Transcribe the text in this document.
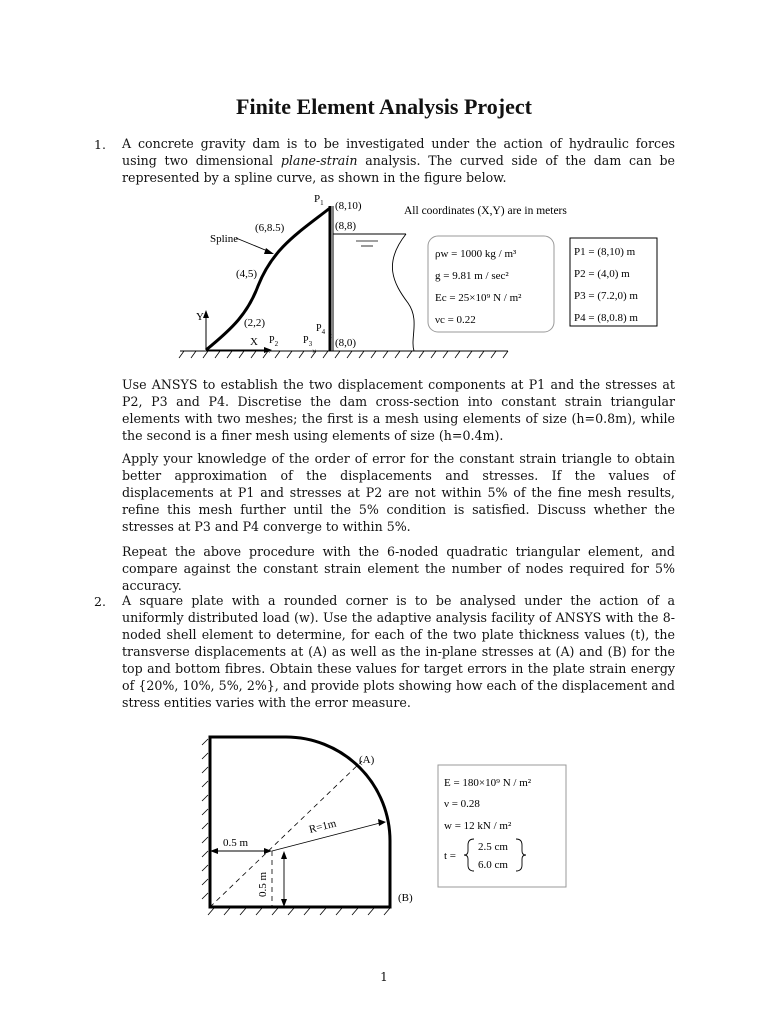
Finite Element Analysis Project
1. A concrete gravity dam is to be investigated under the action of hydraulic forces using two dimensional plane-strain analysis. The curved side of the dam can be represented by a spline curve, as shown in the figure below.

Y
X
×	×
×
Spline
$P_1$ (8,10)
(8,8)
(6,8.5)
(4,5)
(2,2)
$P_2$ $P_3$
$P_4$
(8,0)
All coordinates (X,Y) are in meters
ρw = 1000 kg / m³
g = 9.81 m / sec²
Ec = 25×10⁹ N / m²
νc = 0.22
P1 = (8,10) m
P2 = (4,0) m
P3 = (7.2,0) m
P4 = (8,0.8) m

Use ANSYS to establish the two displacement components at P1 and the stresses at P2, P3 and P4. Discretise the dam cross-section into constant strain triangular elements with two meshes; the first is a mesh using elements of size (h=0.8m), while the second is a finer mesh using elements of size (h=0.4m).

Apply your knowledge of the order of error for the constant strain triangle to obtain better approximation of the displacements and stresses. If the values of displacements at P1 and stresses at P2 are not within 5% of the fine mesh results, refine this mesh further until the 5% condition is satisfied. Discuss whether the stresses at P3 and P4 converge to within 5%.

Repeat the above procedure with the 6-noded quadratic triangular element, and compare against the constant strain element the number of nodes required for 5% accuracy.

2. A square plate with a rounded corner is to be analysed under the action of a uniformly distributed load (w). Use the adaptive analysis facility of ANSYS with the 8-noded shell element to determine, for each of the two plate thickness values (t), the transverse displacements at (A) as well as the in-plane stresses at (A) and (B) for the top and bottom fibres. Obtain these values for target errors in the plate strain energy of {20%, 10%, 5%, 2%}, and provide plots showing how each of the displacement and stress entities varies with the error measure.

0.5 m
0.5 m
R=1m
(A)
(B)
E = 180×10⁹ N / m²
ν = 0.28
w = 12 kN / m²
t =
2.5 cm
6.0 cm
1
